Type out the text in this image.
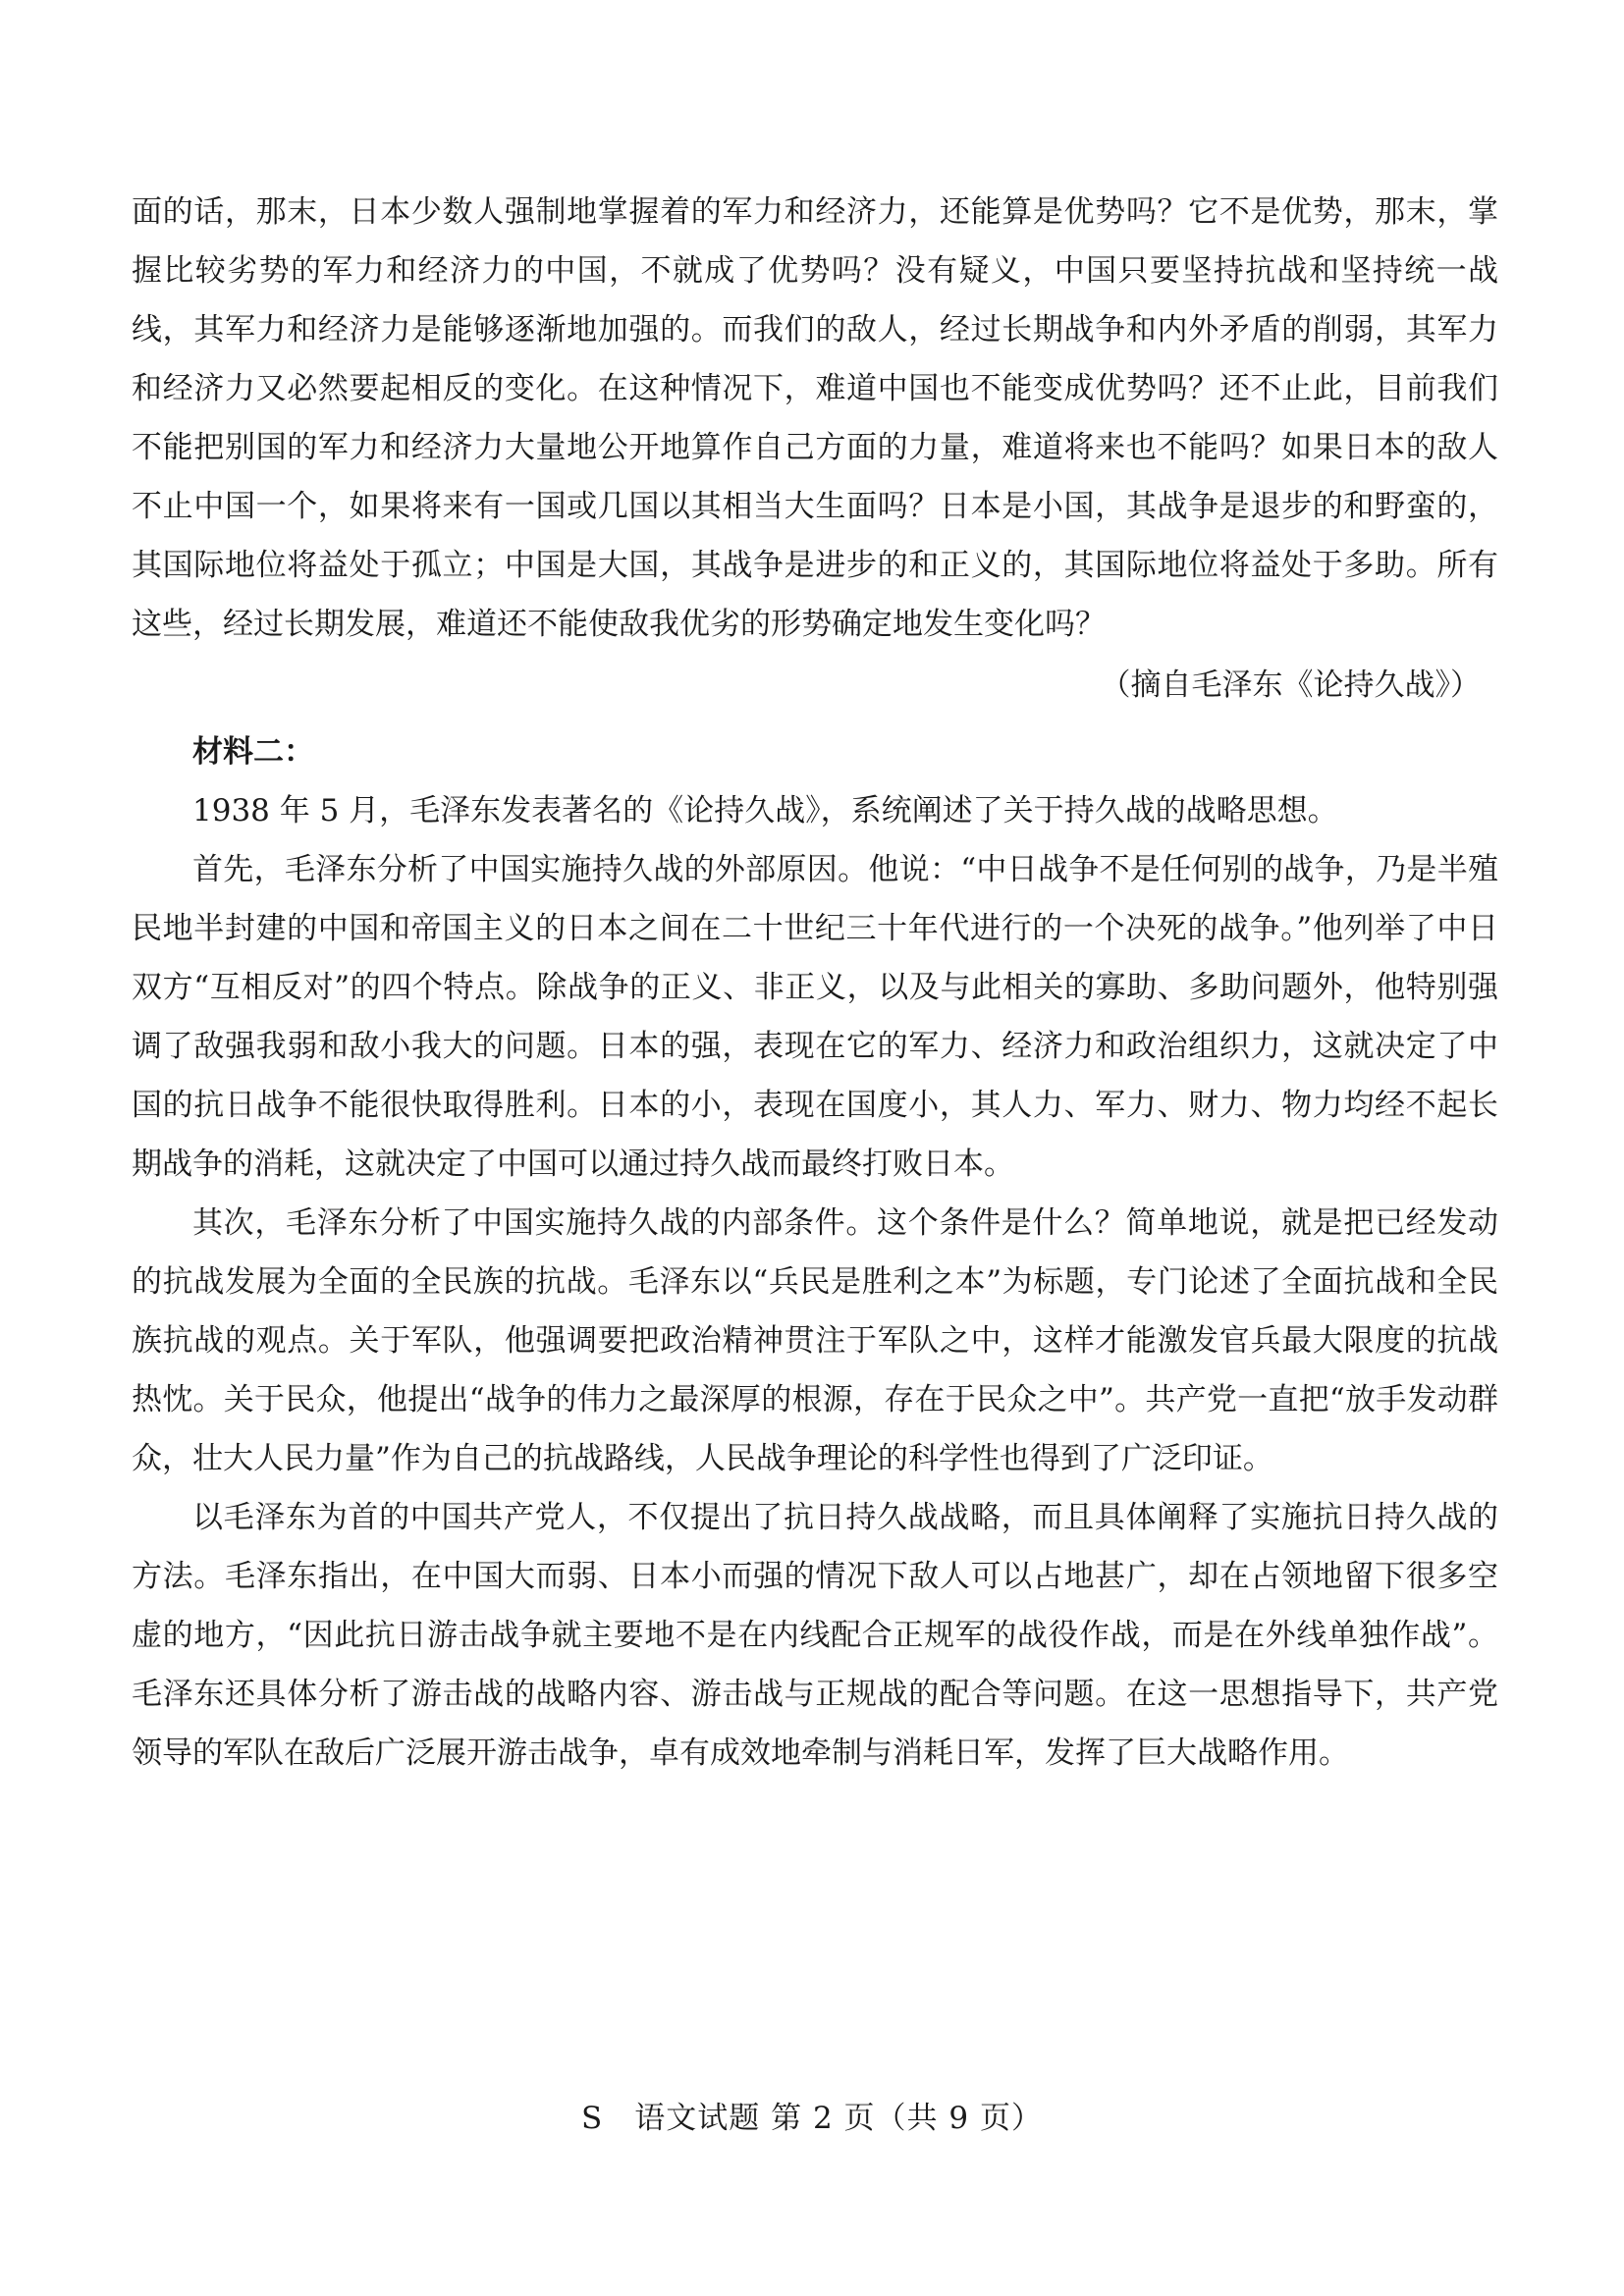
面的话，那末，日本少数人强制地掌握着的军力和经济力，还能算是优势吗？它不是优势，那末，掌握比较劣势的军力和经济力的中国，不就成了优势吗？没有疑义，中国只要坚持抗战和坚持统一战线，其军力和经济力是能够逐渐地加强的。而我们的敌人，经过长期战争和内外矛盾的削弱，其军力和经济力又必然要起相反的变化。在这种情况下，难道中国也不能变成优势吗？还不止此，目前我们不能把别国的军力和经济力大量地公开地算作自己方面的力量，难道将来也不能吗？如果日本的敌人不止中国一个，如果将来有一国或几国以其相当大生面吗？日本是小国，其战争是退步的和野蛮的，其国际地位将益处于孤立；中国是大国，其战争是进步的和正义的，其国际地位将益处于多助。所有这些，经过长期发展，难道还不能使敌我优劣的形势确定地发生变化吗？

（摘自毛泽东《论持久战》）

材料二：

1938 年 5 月，毛泽东发表著名的《论持久战》，系统阐述了关于持久战的战略思想。

首先，毛泽东分析了中国实施持久战的外部原因。他说：“中日战争不是任何别的战争，乃是半殖民地半封建的中国和帝国主义的日本之间在二十世纪三十年代进行的一个决死的战争。”他列举了中日双方“互相反对”的四个特点。除战争的正义、非正义，以及与此相关的寡助、多助问题外，他特别强调了敌强我弱和敌小我大的问题。日本的强，表现在它的军力、经济力和政治组织力，这就决定了中国的抗日战争不能很快取得胜利。日本的小，表现在国度小，其人力、军力、财力、物力均经不起长期战争的消耗，这就决定了中国可以通过持久战而最终打败日本。

其次，毛泽东分析了中国实施持久战的内部条件。这个条件是什么？简单地说，就是把已经发动的抗战发展为全面的全民族的抗战。毛泽东以“兵民是胜利之本”为标题，专门论述了全面抗战和全民族抗战的观点。关于军队，他强调要把政治精神贯注于军队之中，这样才能激发官兵最大限度的抗战热忱。关于民众，他提出“战争的伟力之最深厚的根源，存在于民众之中”。共产党一直把“放手发动群众，壮大人民力量”作为自己的抗战路线，人民战争理论的科学性也得到了广泛印证。

以毛泽东为首的中国共产党人，不仅提出了抗日持久战战略，而且具体阐释了实施抗日持久战的方法。毛泽东指出，在中国大而弱、日本小而强的情况下敌人可以占地甚广，却在占领地留下很多空虚的地方，“因此抗日游击战争就主要地不是在内线配合正规军的战役作战，而是在外线单独作战”。毛泽东还具体分析了游击战的战略内容、游击战与正规战的配合等问题。在这一思想指导下，共产党领导的军队在敌后广泛展开游击战争，卓有成效地牵制与消耗日军，发挥了巨大战略作用。

S　语文试题 第 2 页（共 9 页）
